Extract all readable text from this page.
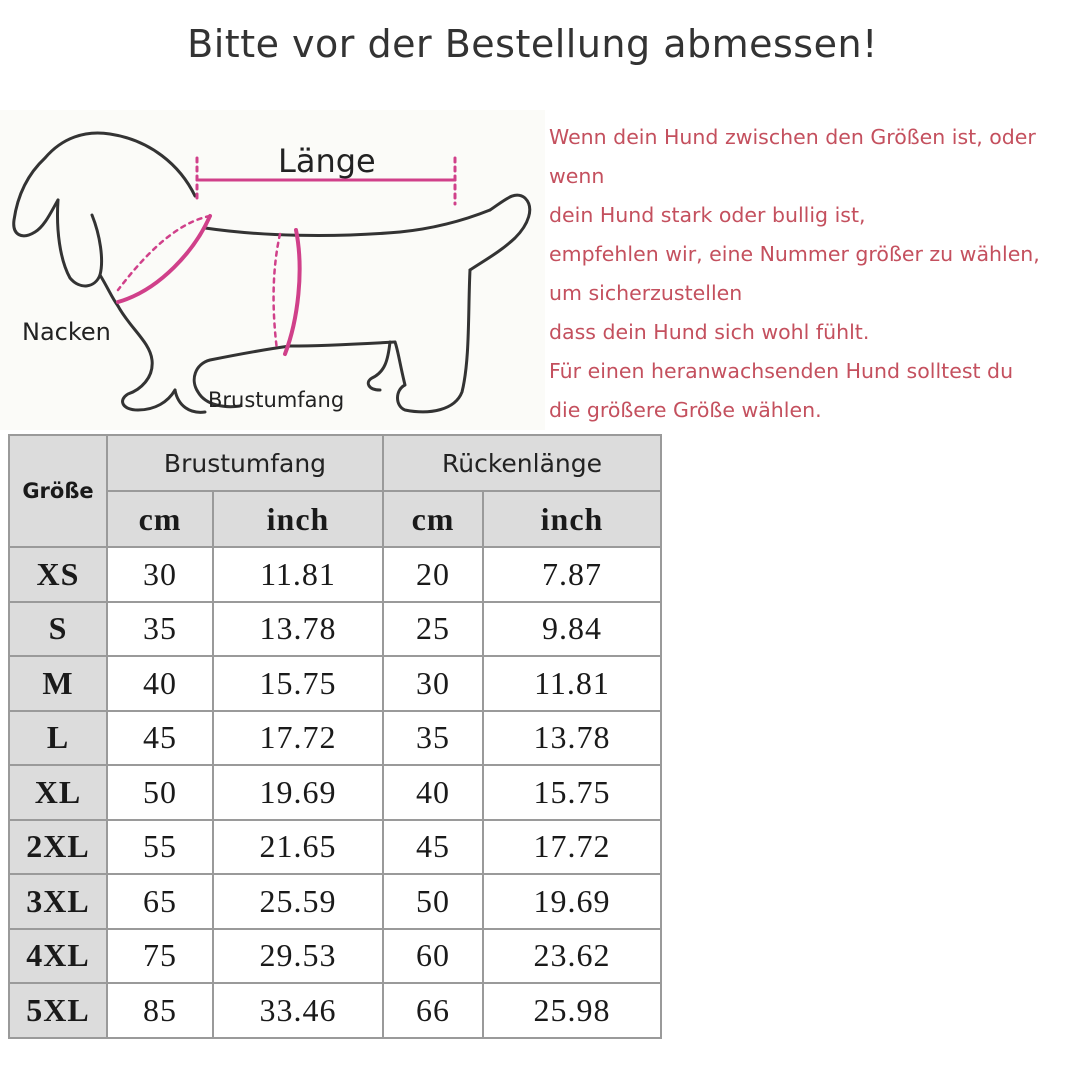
Bitte vor der Bestellung abmessen!
Länge
Nacken
Brustumfang
Wenn dein Hund zwischen den Größen ist, oder
wenn
dein Hund stark oder bullig ist,
empfehlen wir, eine Nummer größer zu wählen,
um sicherzustellen
dass dein Hund sich wohl fühlt.
Für einen heranwachsenden Hund solltest du
die größere Größe wählen.
Größe	Brustumfang		Rückenlänge	
	cm	inch	cm	inch
XS	30	11.81	20	7.87
S	35	13.78	25	9.84
M	40	15.75	30	11.81
L	45	17.72	35	13.78
XL	50	19.69	40	15.75
2XL	55	21.65	45	17.72
3XL	65	25.59	50	19.69
4XL	75	29.53	60	23.62
5XL	85	33.46	66	25.98
